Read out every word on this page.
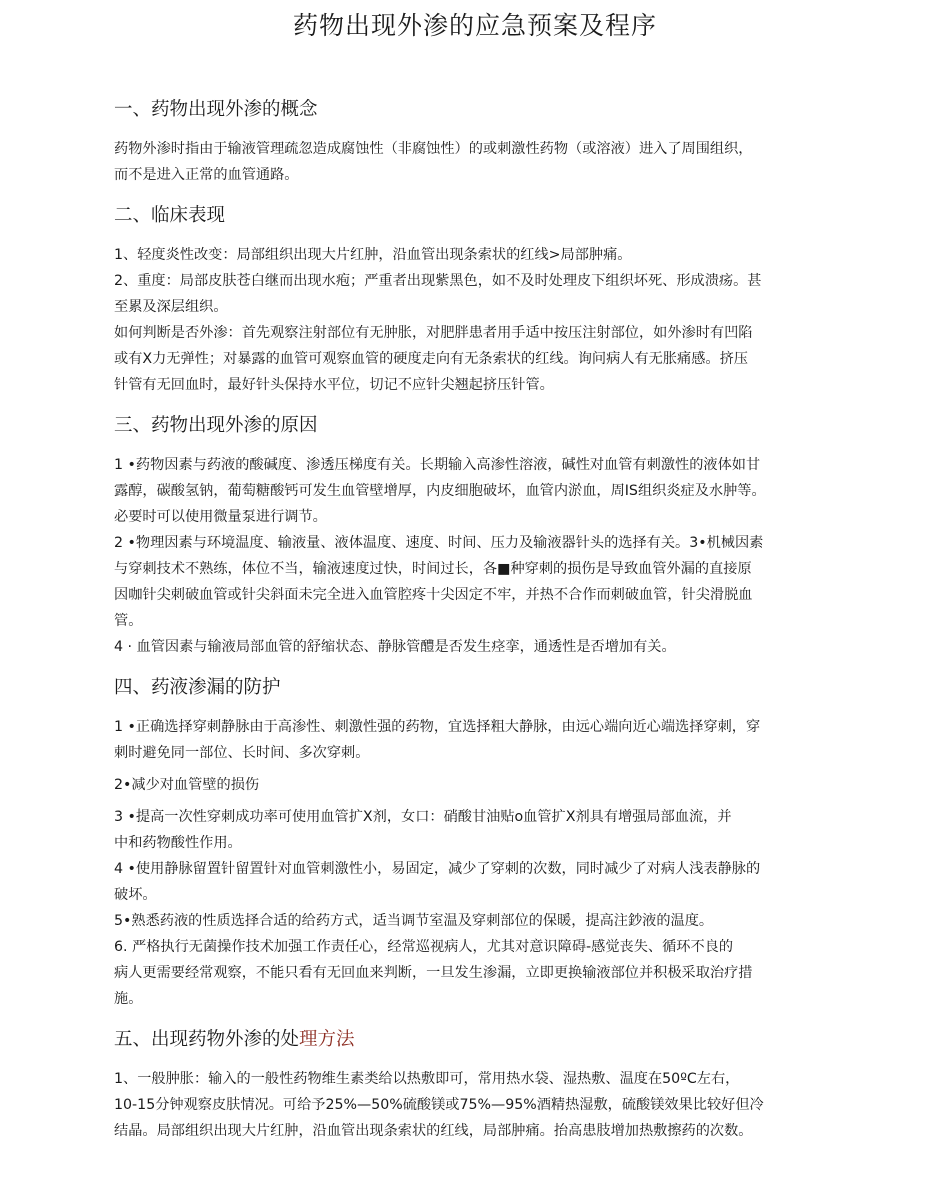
药物出现外渗的应急预案及程序
一、药物出现外渗的概念
药物外渗时指由于输液管理疏忽造成腐蚀性（非腐蚀性）的或刺激性药物（或溶液）进入了周围组织，
而不是进入正常的血管通路。
二、临床表现
1、轻度炎性改变：局部组织出现大片红肿，沿血管出现条索状的红线>局部肿痛。
2、重度：局部皮肤苍白继而出现水疱；严重者出现紫黑色，如不及时处理皮下组织坏死、形成溃疡。甚
至累及深层组织。
如何判断是否外渗：首先观察注射部位有无肿胀，对肥胖患者用手适中按压注射部位，如外渗时有凹陷
或有X力无弹性；对暴露的血管可观察血管的硬度走向有无条索状的红线。询问病人有无胀痛感。挤压
针管有无回血时，最好针头保持水平位，切记不应针尖翘起挤压针管。
三、药物出现外渗的原因
1 •药物因素与药液的酸碱度、渗透压梯度有关。长期输入高渗性溶液，碱性对血管有刺激性的液体如甘
露醇，碳酸氢钠，葡萄糖酸钙可发生血管壁增厚，内皮细胞破坏，血管内淤血，周IS组织炎症及水肿等。
必要时可以使用微量泵进行调节。
2 •物理因素与环境温度、输液量、液体温度、速度、时间、压力及输液器针头的选择有关。3•机械因素
与穿刺技术不熟练，体位不当，输液速度过快，时间过长，各■种穿刺的损伤是导致血管外漏的直接原
因咖针尖刺破血管或针尖斜面未完全进入血管腔疼十尖因定不牢，并热不合作而刺破血管，针尖滑脱血
管。
4 · 血管因素与输液局部血管的舒缩状态、静脉管醴是否发生痉挛，通透性是否增加有关。
四、药液渗漏的防护
1 •正确选择穿刺静脉由于高渗性、刺激性强的药物，宜选择粗大静脉，由远心端向近心端选择穿刺，穿
刺时避免同一部位、长时间、多次穿刺。
2•减少对血管壁的损伤
3 •提高一次性穿刺成功率可使用血管扩X剂，女口：硝酸甘油贴o血管扩X剂具有增强局部血流，并
中和药物酸性作用。
4 •使用静脉留置针留置针对血管刺激性小，易固定，减少了穿刺的次数，同时减少了对病人浅表静脉的
破坏。
5•熟悉药液的性质选择合适的给药方式，适当调节室温及穿刺部位的保暖，提高注鈔液的温度。
6. 严格执行无菌操作技术加强工作责任心，经常巡视病人，尤其对意识障碍-感觉丧失、循环不良的
病人更需要经常观察，不能只看有无回血来判断，一旦发生渗漏，立即更换输液部位并积极采取治疗措
施。
五、出现药物外渗的处理方法
1、一般肿胀：输入的一般性药物维生素类给以热敷即可，常用热水袋、湿热敷、温度在50ºC左右，
10-15分钟观察皮肤情况。可给予25%—50%硫酸镁或75%—95%酒精热湿敷，硫酸镁效果比较好但冷
结晶。局部组织出现大片红肿，沿血管出现条索状的红线，局部肿痛。抬高患肢增加热敷擦药的次数。
